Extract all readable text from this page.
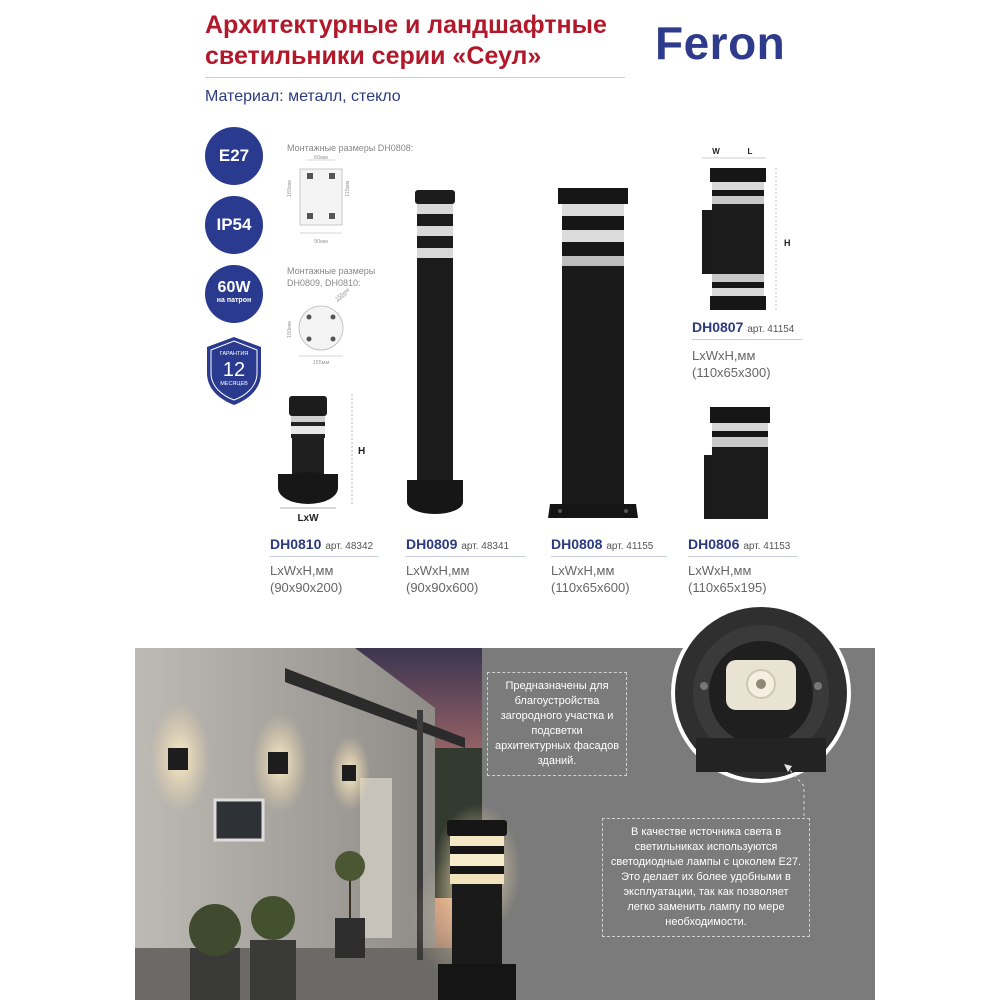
Архитектурные и ландшафтные
светильники серии «Сеул»
Материал: металл, стекло
Feron
E27
IP54
60W
на патрон
ГАРАНТИЯ
12
МЕСЯЦЕВ
Монтажные размеры DH0808:
60мм
165мм	115мм
90мм
Монтажные размеры
DH0809, DH0810:
155мм
150мм
155мм
H
LxW
W	L
H
DH0810 арт. 48342
LxWxH,мм
(90х90х200)
DH0809 арт. 48341
LxWxH,мм
(90х90х600)
DH0808 арт. 41155
LxWxH,мм
(110х65х600)
DH0806 арт. 41153
LxWxH,мм
(110х65х195)
DH0807 арт. 41154
LxWxH,мм
(110х65х300)
Предназначены для благоустройства загородного участка и подсветки архитектурных фасадов зданий.
В качестве источника света в светильниках используются светодиодные лампы с цоколем E27. Это делает их более удобными в эксплуатации, так как позволяет легко заменить лампу по мере необходимости.
